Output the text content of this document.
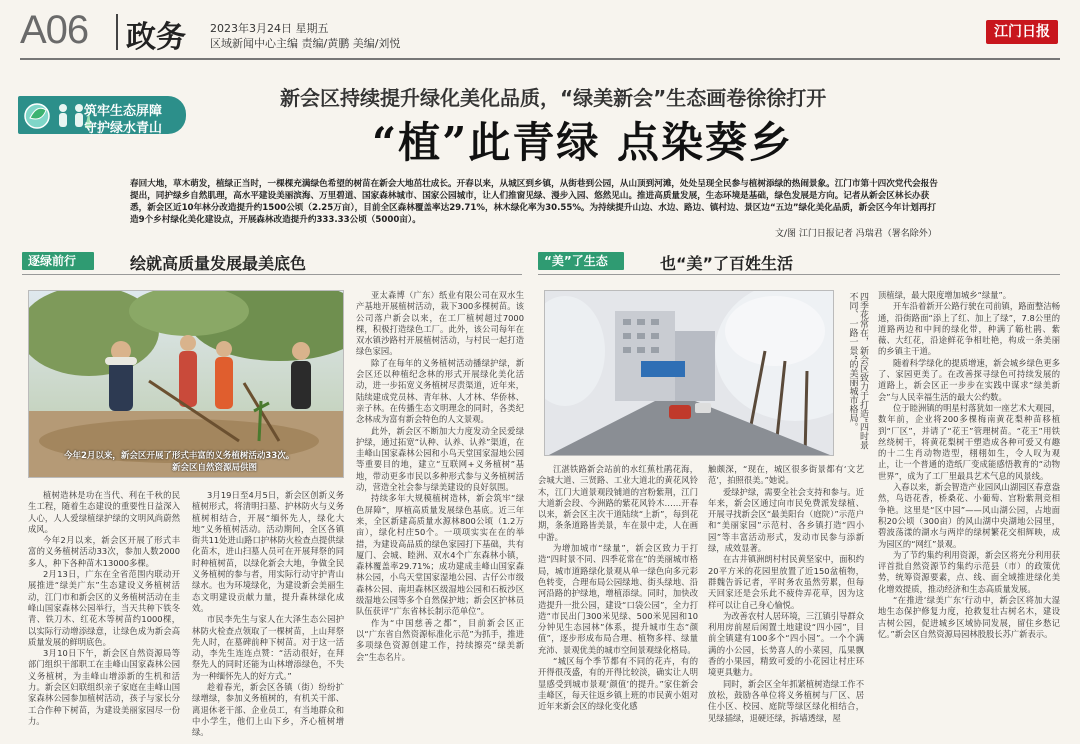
A06 政务 2023年3月24日 星期五
区域新闻中心主编 责编/黄鹏 美编/刘悦
江门日报
筑牢生态屏障
守护绿水青山
新会区持续提升绿化美化品质，“绿美新会”生态画卷徐徐打开
“植”此青绿 点染葵乡
春回大地，草木萌发，植绿正当时，一棵棵充满绿色希望的树苗在新会大地茁壮成长。开春以来，从城区到乡镇，从街巷到公园，从山顶到河滩，处处呈现全民参与植树添绿的热闹景象。江门市第十四次党代会报告提出，同护绿乡自然肌理，高水平建设美丽滨海、万里碧道、国家森林城市、国家公园城市，让人们推窗见绿、漫步入园、悠然见山。推进高质量发展，生态环境是基础，绿色发展是方向。记者从新会区林长办获悉，新会区近10年林分改造提升约1500公顷（2.25万亩），目前全区森林覆盖率达29.71%，林木绿化率为30.55%。为持续提升山边、水边、路边、镇村边、景区边“五边”绿化美化品质，新会区今年计划再打造9个乡村绿化美化建设点，开展森林改造提升约333.33公顷（5000亩）。
文/图 江门日报记者 冯瑞君（署名除外）
逐绿前行	绘就高质量发展最美底色	“美”了生态	也“美”了百姓生活
今年2月以来，新会区开展了形式丰富的义务植树活动33次。
新会区自然资源局供图
四季花常在，新会区致力于打造“四时景不同、一路一景”的美丽城市格局。

植树造林是功在当代、利在千秋的民生工程，随着生态建设的重要性日益深入人心，人人爱绿植绿护绿的文明风尚蔚然成风。

今年2月以来，新会区开展了形式丰富的义务植树活动33次，参加人数2000多人，种下各种苗木13000多棵。

2月13日，广东在全省范围内联动开展推进“绿美广东”生态建设义务植树活动，江门市和新会区的义务植树活动在圭峰山国家森林公园举行，当天共种下铁冬青、铁刀木、红花木等树苗约1000棵，以实际行动增添绿意，让绿色成为新会高质量发展的鲜明底色。

3月10日下午，新会区自然资源局等部门组织干部职工在圭峰山国家森林公园义务植树，为圭峰山增添新的生机和活力。新会区妇联组织亲子家庭在圭峰山国家森林公园参加植树活动，孩子与家长分工合作种下树苗，为建设美丽家园尽一份力。

3月19日至4月5日，新会区创新义务植树形式，将清明扫墓、护林防火与义务植树相结合，开展“缅怀先人，绿化大地”义务植树活动。活动期间，全区各镇街共11处进山路口护林防火检查点提供绿化苗木，进山扫墓人员可在开展拜祭的同时种植树苗，以绿化新会大地，争做全民义务植树的参与者，用实际行动守护青山绿水。也为环境绿化，为建设新会美丽生态文明建设贡献力量，提升森林绿化成效。

市民李先生与家人在大泽生态公园护林防火检查点领取了一棵树苗，上山拜祭先人时，在墓碑前种下树苗。对于这一活动，李先生连连点赞：“活动很好，在拜祭先人的同时还能为山林增添绿色，不失为一种缅怀先人的好方式。”

趁着春光，新会区各镇（街）纷纷扩绿增绿，参加义务植树的，有机关干部、离退休老干部、企业员工，有当地群众和中小学生，他们上山下乡，齐心植树增绿。

亚太森博（广东）纸业有限公司在双水生产基地开展植树活动，栽下300多棵树苗。该公司落户新会以来，在工厂植树超过7000棵，积极打造绿色工厂。此外，该公司每年在双水镇沙路村开展植树活动，与村民一起打造绿色家园。

除了在每年的义务植树活动播绿护绿，新会区还以种植纪念林的形式开展绿化美化活动，进一步拓宽义务植树尽责渠道，近年来，陆续建成党员林、青年林、人才林、华侨林、亲子林。在传播生态文明理念的同时，各类纪念林成为富有新会特色的人文景观。

此外，新会区不断加大力度发动全民爱绿护绿，通过拓宽“认种、认养、认养”渠道，在圭峰山国家森林公园和小鸟天堂国家湿地公园等重要目的地，建立“互联网+义务植树”基地，带动更多市民以多种形式参与义务植树活动，营造全社会参与绿美建设的良好氛围。

持续多年大规模植树造林，新会筑牢“绿色屏障”，厚植高质量发展绿色基底。近三年来，全区新建高质量水源林800公顷（1.2万亩），绿化村庄50个。一项项实实在在的举措，为建设高品质的绿色家园打下基础，共有厦门、会城、睦洲、双水4个广东森林小镇，森林覆盖率29.71%；成功建成圭峰山国家森林公园，小鸟天堂国家湿地公园、古仔公市级森林公园、南坦森林区级湿地公园和石板沙区级湿地公园等多个自然保护地；新会区护林员队伍获评“广东省林长制示范单位”。

作为“中国慈善之都”，目前新会区正以“广东省自然资源标准化示范”为抓手，推进多项绿色资源创建工作，持续擦亮“绿美新会”生态名片。

江湛铁路新会站前的水红蕉杜鹃花海，会城大道、三贤路、工业大道北的黄花风铃木，江门大道景观段铺道的宫粉紫荆，江门大道新会段、今洲路的紫花风铃木……开春以来，新会区主次干道陆续“上新”，每到花期，条条道路皆美景，车在景中走，人在画中游。

为增加城市“绿量”，新会区致力于打造“四时景不同、四季花常在”的美丽城市格局，城市道路绿化景观从单一绿色向多元彩色转变，合理布局公园绿地、街头绿地、沿河沿路的护绿地，增植添绿。同时，加快改造提升一批公园，建设“口袋公园”，全力打造“市民出门300米见绿、500米见园和10分钟见生态园林”体系，提升城市生态“颜值”，逐步形成布局合理、植物多样、绿量充沛、景观优美的城市空间景观绿化格局。

“城区每个季节都有不同的花卉，有的开得很茂盛，有的开得比较淡，确实让人明显感受到城市景观‘颜值’的提升。”家住新会圭峰区，每天往返乡镇上班的市民黄小姐对近年来新会区的绿化变化感

触颇深，“现在，城区很多街景都有‘文艺范’，拍照很美。”她说。

爱绿护绿，需要全社会支持和参与。近年来，新会区通过向市民免费派发绿植、开展寻找新会区“最美阳台（庭院）”示范户和“美丽家园”示范村、各乡镇打造“四小园”等丰富活动形式，发动市民参与添新绿，成效显著。

在古井镇洲朗村村民黄坚家中，面积约20平方米的花园里放置了近150盆植物，群魏告诉记者，平时务农虽然劳累，但每天回家还是会乐此不疲侍弄花草，因为这样可以让自己身心愉悦。

为改善农村人居环境，三江镇引导群众利用房前屋后闲置土地建设“四小园”，目前全镇建有100多个“四小园”。一个个满满的小公园，长势喜人的小菜园，瓜果飘香的小果园，精致可爱的小花园让村庄环境更具魅力。

同时，新会区全年抓紧植树造绿工作不放松，鼓励各单位将义务植树与厂区、居住小区、校园、庭院等绿区绿化相结合，见绿插绿，退硬还绿，拆墙透绿，屋

顶植绿，最大限度增加城乡“绿量”。

开车沿着新开公路行驶在司前镇，路面整洁畅通，沿街路面“添上了红、加上了绿”，7.8公里的道路两边和中间的绿化带，种满了簕杜鹃、紫薇、大红花，沿途鲜花争相吐艳，构成一条美丽的乡镇主干道。

随着科学绿化的提质增速，新会城乡绿色更多了、家园更美了。在改善探寻绿色可持续发展的道路上，新会区正一步步在实践中谋求“绿美新会”与人民幸福生活的最大公约数。

位于睦洲镇的明星村落犹如一座艺术大观园，数年前，企业将200多棵梅南黄花梨种苗移植到“厂区”，并请了“花王”管理树苗。“花王”用铁丝绕树干，将黄花梨树干塑造成各种可爱又有趣的十二生肖动物造型，栩栩如生，令人叹为观止，让一个普通的造纸厂变成能感悟教育的“动物世界”，成为了工厂里最具艺术气息的风景线。

入春以来，新会智造产业园风山湖园区春意盎然，鸟语花香，桥桑花、小葡萄、宫粉紫荆竞相争艳。这里是“区中园”——风山湖公园，占地面积20公顷（300亩）的风山湖中央湖地公园里，碧波荡漾的湖水与两岸的绿树繁花交相辉映，成为园区的“网红”景观。

为了节约集约利用资源，新会区将充分利用获评首批自然资源节约集约示范县（市）的政策优势，统筹资源要素，点、线、面全域推进绿化美化增效提质，推动经济和生态高质量发展。

“在推进‘绿美广东’行动中，新会区将加大湿地生态保护修复力度，抢救复壮古树名木，建设古树公园，促进城乡区域协同发展，留住乡愁记忆。”新会区自然资源局园林股股长苏广新表示。
